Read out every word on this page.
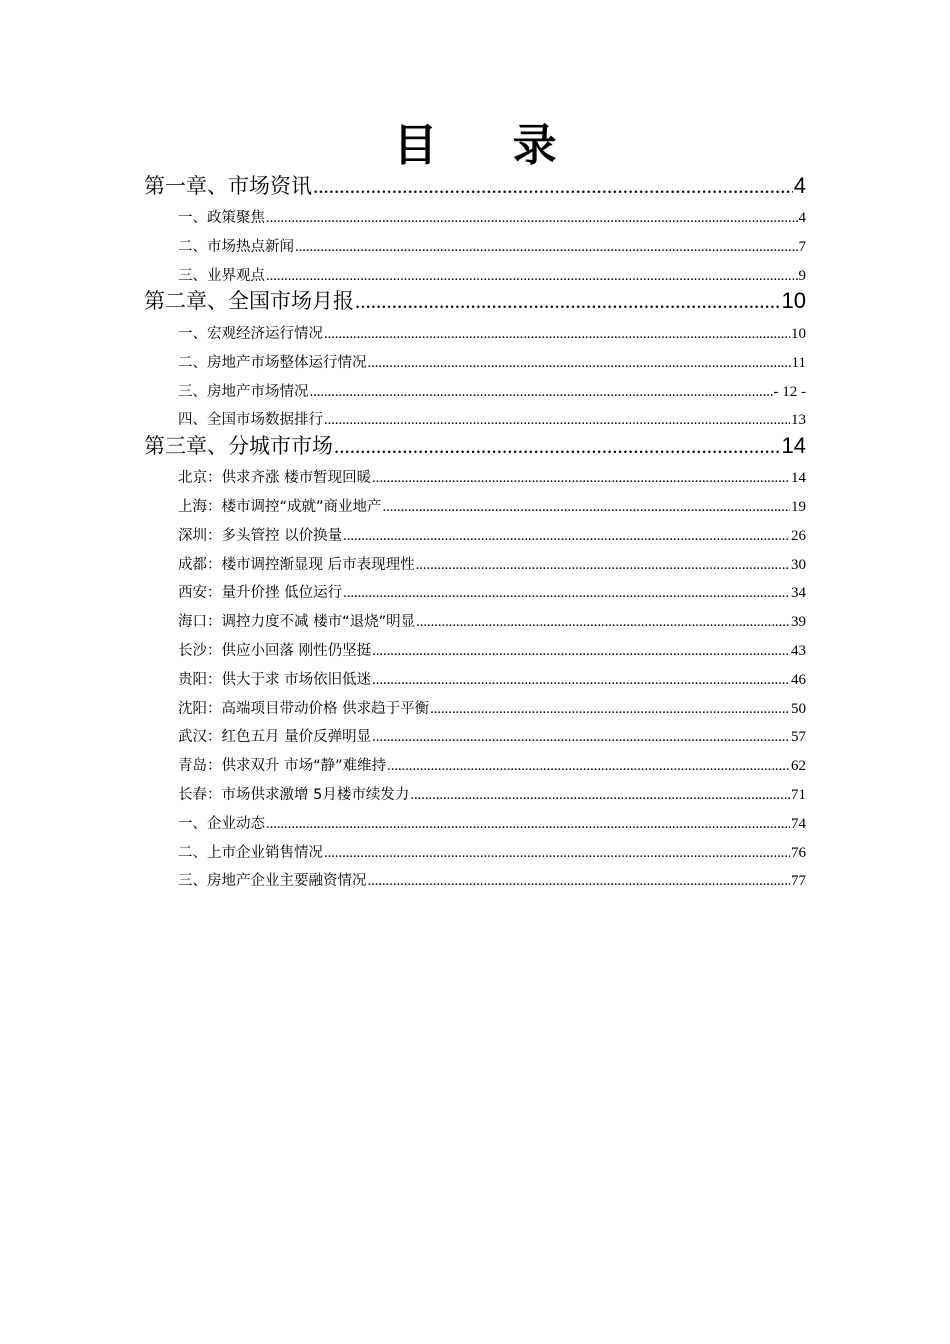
目 录
第一章、市场资讯 .....	4
一、政策聚焦 .....	4
二、市场热点新闻 .....	7
三、业界观点 .....	9
第二章、全国市场月报 .....	10
一、宏观经济运行情况 .....	10
二、房地产市场整体运行情况 .....	11
三、房地产市场情况 .....	- 12 -
四、全国市场数据排行 .....	13
第三章、分城市市场 .....	14
北京：供求齐涨 楼市暂现回暖 .....	14
上海：楼市调控“成就”商业地产 .....	19
深圳：多头管控 以价换量 .....	26
成都：楼市调控渐显现 后市表现理性 .....	30
西安：量升价挫 低位运行 .....	34
海口：调控力度不减 楼市“退烧”明显 .....	39
长沙：供应小回落 刚性仍坚挺 .....	43
贵阳：供大于求 市场依旧低迷 .....	46
沈阳：高端项目带动价格 供求趋于平衡 .....	50
武汉：红色五月 量价反弹明显 .....	57
青岛：供求双升 市场“静”难维持 .....	62
长春：市场供求激增 5月楼市续发力 .....	71
一、企业动态 .....	74
二、上市企业销售情况 .....	76
三、房地产企业主要融资情况 .....	77
